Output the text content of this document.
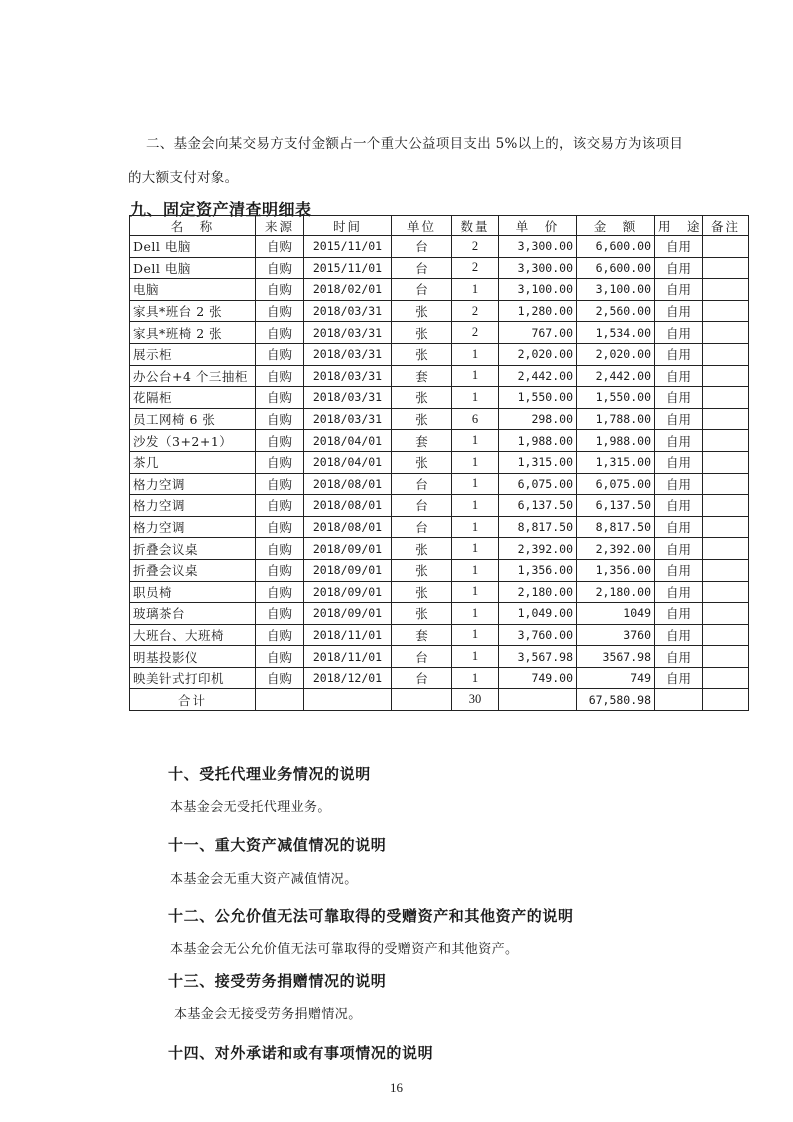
二、基金会向某交易方支付金额占一个重大公益项目支出 5%以上的，该交易方为该项目的大额支付对象。
九、固定资产清查明细表
名　称	来源	时间	单位	数量	单　价	金　额	用　途	备注
Dell 电脑	自购	2015/11/01	台	2	3,300.00	6,600.00	自用	
Dell 电脑	自购	2015/11/01	台	2	3,300.00	6,600.00	自用	
电脑	自购	2018/02/01	台	1	3,100.00	3,100.00	自用	
家具*班台 2 张	自购	2018/03/31	张	2	1,280.00	2,560.00	自用	
家具*班椅 2 张	自购	2018/03/31	张	2	767.00	1,534.00	自用	
展示柜	自购	2018/03/31	张	1	2,020.00	2,020.00	自用	
办公台+4 个三抽柜	自购	2018/03/31	套	1	2,442.00	2,442.00	自用	
花隔柜	自购	2018/03/31	张	1	1,550.00	1,550.00	自用	
员工网椅 6 张	自购	2018/03/31	张	6	298.00	1,788.00	自用	
沙发（3+2+1）	自购	2018/04/01	套	1	1,988.00	1,988.00	自用	
茶几	自购	2018/04/01	张	1	1,315.00	1,315.00	自用	
格力空调	自购	2018/08/01	台	1	6,075.00	6,075.00	自用	
格力空调	自购	2018/08/01	台	1	6,137.50	6,137.50	自用	
格力空调	自购	2018/08/01	台	1	8,817.50	8,817.50	自用	
折叠会议桌	自购	2018/09/01	张	1	2,392.00	2,392.00	自用	
折叠会议桌	自购	2018/09/01	张	1	1,356.00	1,356.00	自用	
职员椅	自购	2018/09/01	张	1	2,180.00	2,180.00	自用	
玻璃茶台	自购	2018/09/01	张	1	1,049.00	1049	自用	
大班台、大班椅	自购	2018/11/01	套	1	3,760.00	3760	自用	
明基投影仪	自购	2018/11/01	台	1	3,567.98	3567.98	自用	
映美针式打印机	自购	2018/12/01	台	1	749.00	749	自用	
合计				30		67,580.98		
十、受托代理业务情况的说明
本基金会无受托代理业务。
十一、重大资产减值情况的说明
本基金会无重大资产减值情况。
十二、公允价值无法可靠取得的受赠资产和其他资产的说明
本基金会无公允价值无法可靠取得的受赠资产和其他资产。
十三、接受劳务捐赠情况的说明
本基金会无接受劳务捐赠情况。
十四、对外承诺和或有事项情况的说明
16
